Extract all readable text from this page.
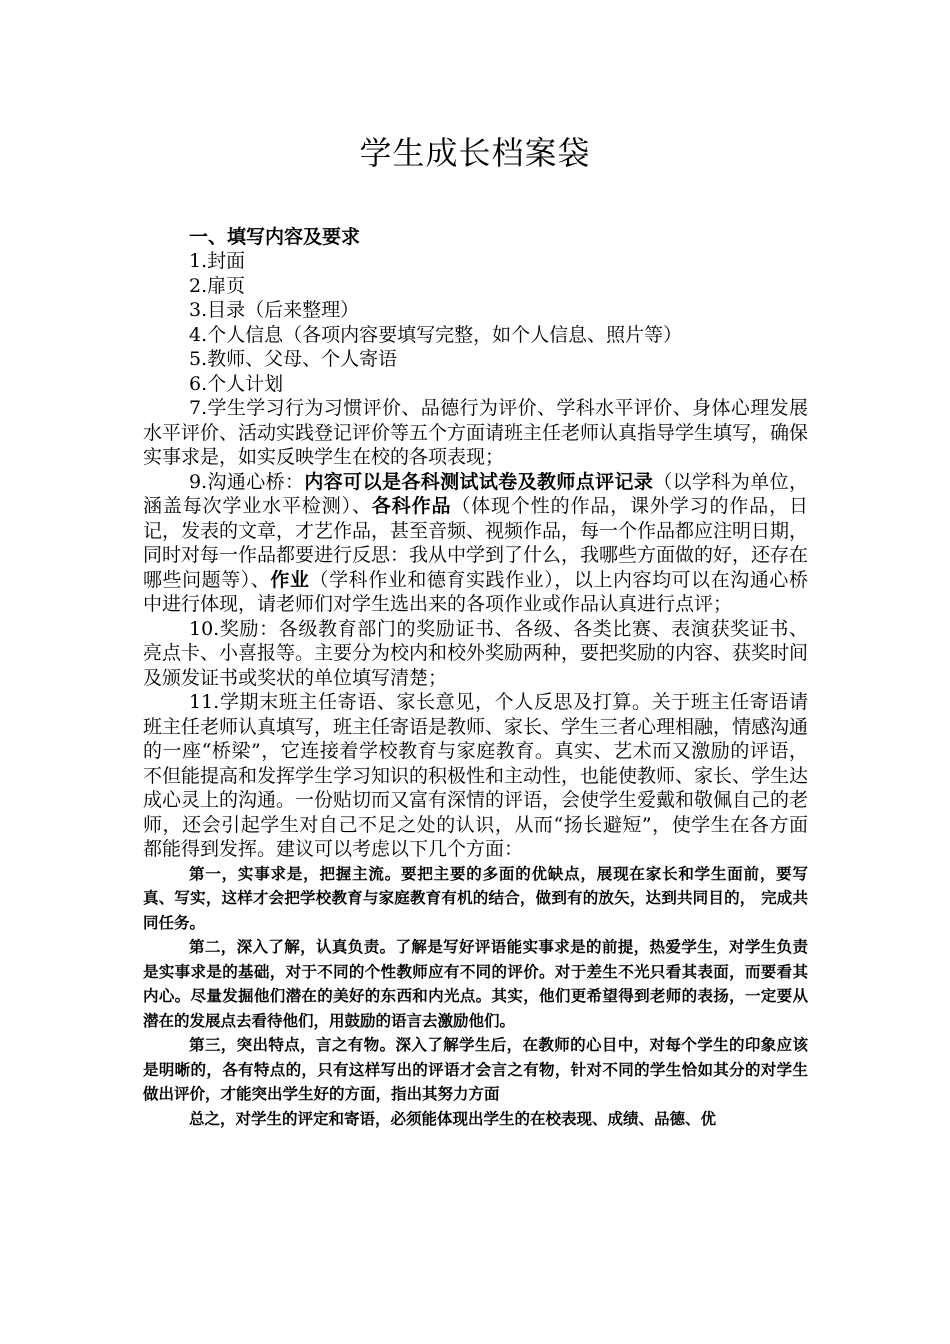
学生成长档案袋

一、填写内容及要求

1.封面

2.扉页

3.目录（后来整理）

4.个人信息（各项内容要填写完整，如个人信息、照片等）

5.教师、父母、个人寄语

6.个人计划

7.学生学习行为习惯评价、品德行为评价、学科水平评价、身体心理发展水平评价、活动实践登记评价等五个方面请班主任老师认真指导学生填写，确保实事求是，如实反映学生在校的各项表现；

9.沟通心桥：内容可以是各科测试试卷及教师点评记录（以学科为单位，涵盖每次学业水平检测）、各科作品（体现个性的作品，课外学习的作品，日记，发表的文章，才艺作品，甚至音频、视频作品，每一个作品都应注明日期，同时对每一作品都要进行反思：我从中学到了什么，我哪些方面做的好，还存在哪些问题等）、作业（学科作业和德育实践作业），以上内容均可以在沟通心桥中进行体现，请老师们对学生选出来的各项作业或作品认真进行点评；

10.奖励：各级教育部门的奖励证书、各级、各类比赛、表演获奖证书、亮点卡、小喜报等。主要分为校内和校外奖励两种，要把奖励的内容、获奖时间及颁发证书或奖状的单位填写清楚；

11.学期末班主任寄语、家长意见，个人反思及打算。关于班主任寄语请班主任老师认真填写，班主任寄语是教师、家长、学生三者心理相融，情感沟通的一座“桥梁”，它连接着学校教育与家庭教育。真实、艺术而又激励的评语，不但能提高和发挥学生学习知识的积极性和主动性，也能使教师、家长、学生达成心灵上的沟通。一份贴切而又富有深情的评语，会使学生爱戴和敬佩自己的老师，还会引起学生对自己不足之处的认识，从而“扬长避短”，使学生在各方面都能得到发挥。建议可以考虑以下几个方面：

第一，实事求是，把握主流。要把主要的多面的优缺点，展现在家长和学生面前，要写真、写实，这样才会把学校教育与家庭教育有机的结合，做到有的放矢，达到共同目的， 完成共同任务。

第二，深入了解，认真负责。了解是写好评语能实事求是的前提，热爱学生，对学生负责是实事求是的基础，对于不同的个性教师应有不同的评价。对于差生不光只看其表面，而要看其内心。尽量发掘他们潜在的美好的东西和内光点。其实，他们更希望得到老师的表扬，一定要从潜在的发展点去看待他们，用鼓励的语言去激励他们。

第三，突出特点，言之有物。深入了解学生后，在教师的心目中，对每个学生的印象应该是明晰的，各有特点的，只有这样写出的评语才会言之有物，针对不同的学生恰如其分的对学生做出评价，才能突出学生好的方面，指出其努力方面

总之，对学生的评定和寄语，必须能体现出学生的在校表现、成绩、品德、优
